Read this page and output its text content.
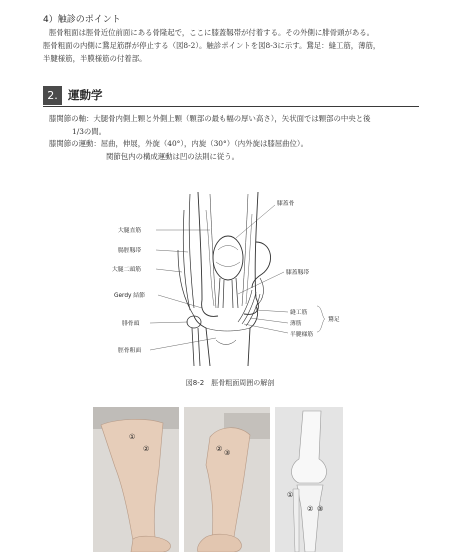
4）触診のポイント

脛骨粗面は脛骨近位前面にある骨隆起で，ここに膝蓋靱帯が付着する。その外側に腓骨頭がある。

脛骨粗面の内側に鵞足筋群が停止する（図8-2）。触診ポイントを図8-3に示す。鵞足：縫工筋，薄筋，

半腱様筋，半膜様筋の付着部。

2. 運動学

膝関節の軸：大腿骨内側上顆と外側上顆（顆部の最も幅の厚い高さ），矢状面では顆部の中央と後

1/3の間。

膝関節の運動：屈曲，伸展，外旋（40°），内旋（30°）（内外旋は膝屈曲位）。

関節包内の構成運動は凹の法則に従う。

大腿直筋
腸脛靱帯
大腿二頭筋
Gerdy 結節
腓骨頭
脛骨粗面
膝蓋骨
膝蓋靱帯
縫工筋
薄筋
半腱様筋
鵞足
図8-2　脛骨粗面周囲の解剖
①
②	② ③
①
② ③
